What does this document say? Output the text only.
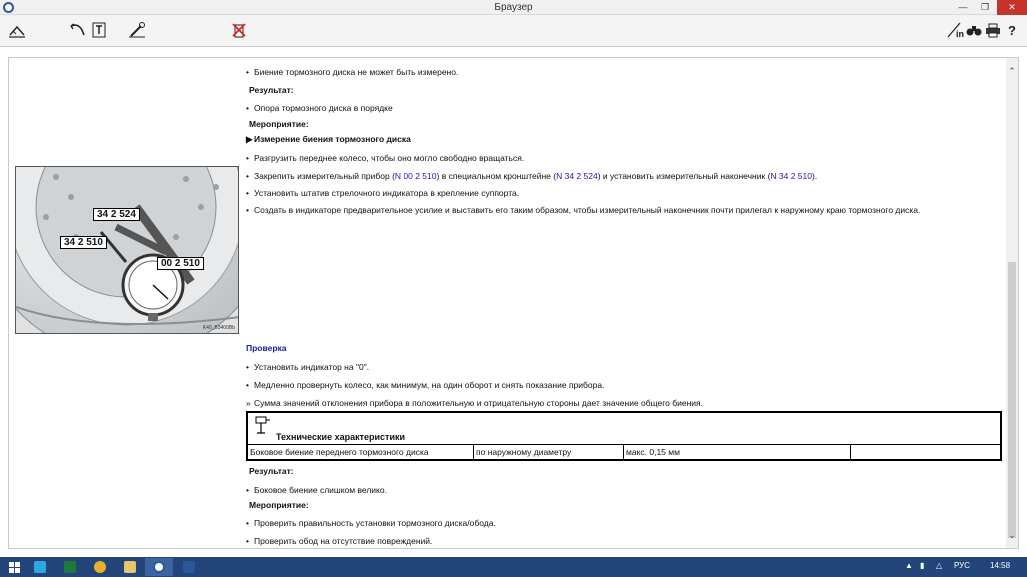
Браузер	—	❐	✕
in	?
34 2 524
34 2 510
00 2 510
K40_B3400Bb
• Биение тормозного диска не может быть измерено.
Результат:
• Опора тормозного диска в порядке
Мероприятие:
▶ Измерение биения тормозного диска
• Разгрузить переднее колесо, чтобы оно могло свободно вращаться.
• Закрепить измерительный прибор (N 00 2 510) в специальном кронштейне (N 34 2 524) и установить измерительный наконечник (N 34 2 510).
• Установить штатив стрелочного индикатора в крепление суппорта.
• Создать в индикаторе предварительное усилие и выставить его таким образом, чтобы измерительный наконечник почти прилегал к наружному краю тормозного диска.
Проверка
• Установить индикатор на "0".
• Медленно провернуть колесо, как минимум, на один оборот и снять показание прибора.
» Сумма значений отклонения прибора в положительную и отрицательную стороны дает значение общего биения.
Результат:
• Боковое биение слишком велико.
Мероприятие:
• Проверить правильность установки тормозного диска/обода.
• Проверить обод на отсутствие повреждений.
Технические характеристики
Боковое биение переднего тормозного диска	по наружному диаметру	макс. 0,15 мм
⌃
⌄
▲ ▮ △ РУС 14:58
